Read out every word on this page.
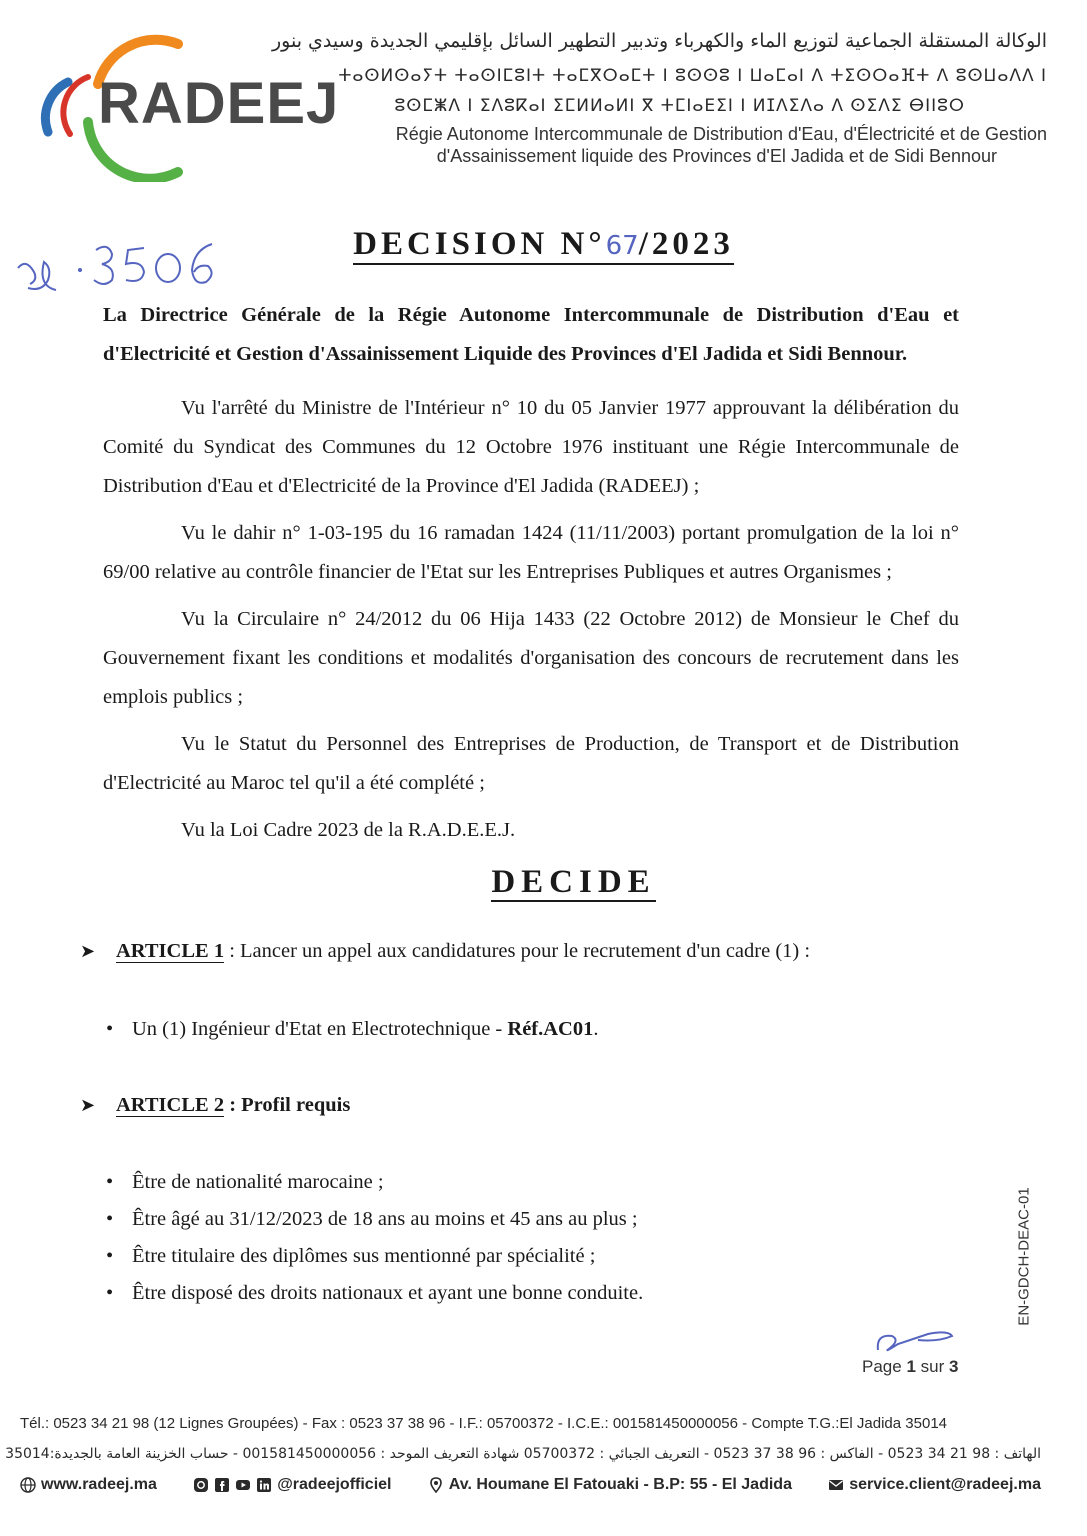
RADEEJ
الوكالة المستقلة الجماعية لتوزيع الماء والكهرباء وتدبير التطهير السائل بإقليمي الجديدة وسيدي بنور
ⵜⴰⵙⵍⵙⴰⵢⵜ ⵜⴰⵙⵏⵎⵓⵏⵜ ⵜⴰⵎⴳⵔⴰⵎⵜ ⵏ ⵓⵙⵙⵓ ⵏ ⵡⴰⵎⴰⵏ ⴷ ⵜⵉⵙⵔⴰⴼⵜ ⴷ ⵓⵙⵡⴰⴷⴷ ⵏ
ⵓⵙⵎⵥⴷ ⵏ ⵉⴷⵓⴽⴰⵏ ⵉⵎⵍⵍⴰⵍⵏ ⴳ ⵜⵎⵏⴰⴹⵉⵏ ⵏ ⵍⵊⴷⵉⴷⴰ ⴷ ⵙⵉⴷⵉ ⴱⵏⵏⵓⵔ
Régie Autonome Intercommunale de Distribution d'Eau, d'Électricité et de Gestion
d'Assainissement liquide des Provinces d'El Jadida et de Sidi Bennour
DECISION N°67/2023
La Directrice Générale de la Régie Autonome Intercommunale de Distribution d'Eau et d'Electricité et Gestion d'Assainissement Liquide des Provinces d'El Jadida et Sidi Bennour.
Vu l'arrêté du Ministre de l'Intérieur n° 10 du 05 Janvier 1977 approuvant la délibération du Comité du Syndicat des Communes du 12 Octobre 1976 instituant une Régie Intercommunale de Distribution d'Eau et d'Electricité de la Province d'El Jadida (RADEEJ) ;
Vu le dahir n° 1-03-195 du 16 ramadan 1424 (11/11/2003) portant promulgation de la loi n° 69/00 relative au contrôle financier de l'Etat sur les Entreprises Publiques et autres Organismes ;
Vu la Circulaire n° 24/2012 du 06 Hija 1433 (22 Octobre 2012) de Monsieur le Chef du Gouvernement fixant les conditions et modalités d'organisation des concours de recrutement dans les emplois publics ;
Vu le Statut du Personnel des Entreprises de Production, de Transport et de Distribution d'Electricité au Maroc tel qu'il a été complété ;
Vu la Loi Cadre 2023 de la R.A.D.E.E.J.
DECIDE
➤ ARTICLE 1 : Lancer un appel aux candidatures pour le recrutement d'un cadre (1) :
• Un (1) Ingénieur d'Etat en Electrotechnique - Réf.AC01.
➤ ARTICLE 2 : Profil requis
• Être de nationalité marocaine ;
• Être âgé au 31/12/2023 de 18 ans au moins et 45 ans au plus ;
• Être titulaire des diplômes sus mentionné par spécialité ;
• Être disposé des droits nationaux et ayant une bonne conduite.	EN-GDCH-DEAC-01
Page 1 sur 3
Tél.: 0523 34 21 98 (12 Lignes Groupées) - Fax : 0523 37 38 96 - I.F.: 05700372 - I.C.E.: 001581450000056 - Compte T.G.:El Jadida 35014
الهاتف : 98 21 34 0523 - الفاكس : 96 38 37 0523 - التعريف الجبائي : 05700372 شهادة التعريف الموحد : 001581450000056 - حساب الخزينة العامة بالجديدة:35014
www.radeej.ma	@radeejofficiel	Av. Houmane El Fatouaki - B.P: 55 - El Jadida	service.client@radeej.ma
